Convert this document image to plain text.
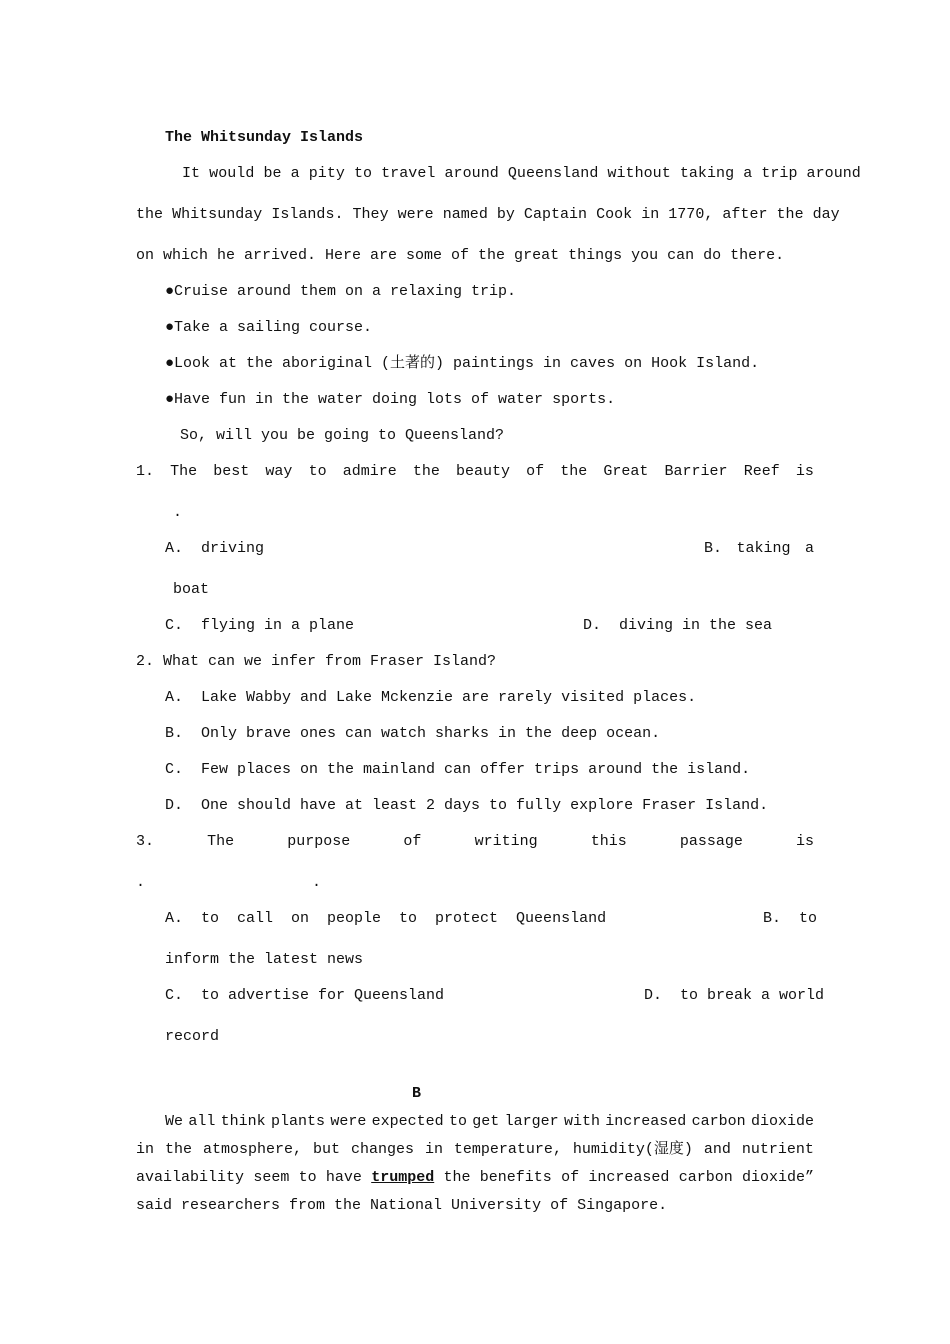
The Whitsunday Islands
It would be a pity to travel around Queensland without taking a trip around
the Whitsunday Islands. They were named by Captain Cook in 1770, after the day
on which he arrived. Here are some of the great things you can do there.
●Cruise around them on a relaxing trip.
●Take a sailing course.
●Look at the aboriginal (土著的) paintings in caves on Hook Island.
●Have fun in the water doing lots of water sports.
So, will you be going to Queensland?
1. The best way to admire the beauty of the Great Barrier Reef is
.
A.  driving	B. taking a
boat
C.  flying in a plane	D.  diving in the sea
2. What can we infer from Fraser Island?
A.  Lake Wabby and Lake Mckenzie are rarely visited places.
B.  Only brave ones can watch sharks in the deep ocean.
C.  Few places on the mainland can offer trips around the island.
D.  One should have at least 2 days to fully explore Fraser Island.
3.	The	purpose	of	writing	this	passage	is
.	.
A.  to  call  on  people  to  protect  Queensland	B.  to
inform the latest news
C.  to advertise for Queensland	D.  to break a world
record
B
We all think plants were expected to get larger with increased carbon dioxide
in the atmosphere, but changes in temperature, humidity(湿度) and nutrient
availability seem to have trumped the benefits of increased carbon dioxide”
said researchers from the National University of Singapore.
